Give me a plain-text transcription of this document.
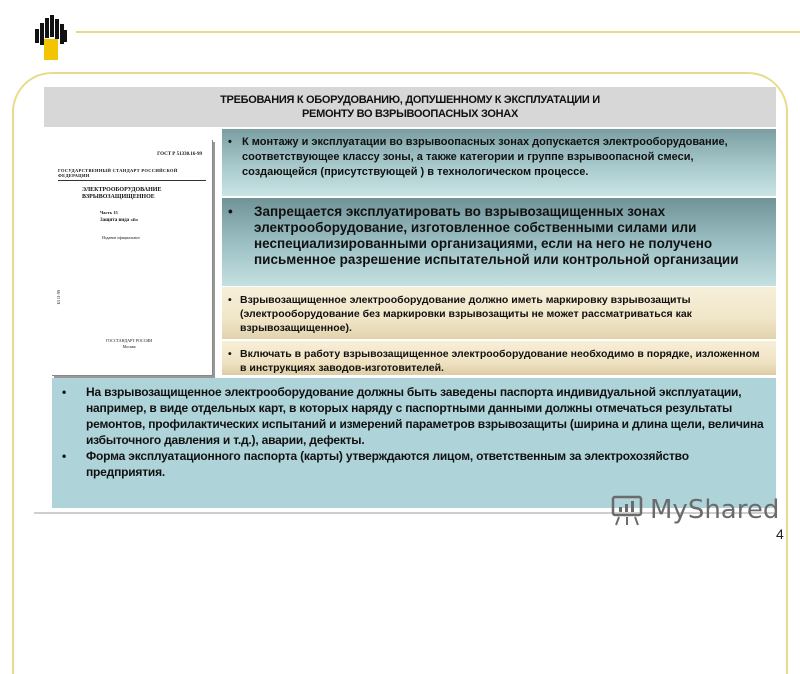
ТРЕБОВАНИЯ К ОБОРУДОВАНИЮ, ДОПУШЕННОМУ К ЭКСПЛУАТАЦИИ И
РЕМОНТУ ВО ВЗРЫВООПАСНЫХ ЗОНАХ
ГОСТ Р 51330.16-99
ГОСУДАРСТВЕННЫЙ СТАНДАРТ РОССИЙСКОЙ ФЕДЕРАЦИИ
ЭЛЕКТРООБОРУДОВАНИЕ
ВЗРЫВОЗАЩИЩЕННОЕ
Часть 15
Защита вида «n»
Издание официальное
БЗ 11-99
ГОССТАНДАРТ РОССИИ
Москва
• К монтажу и эксплуатации во взрывоопасных зонах допускается электрооборудование, соответствующее классу зоны, а также категории и группе взрывоопасной смеси, создающейся (присутствующей ) в технологическом процессе.
•	Запрещается эксплуатировать во взрывозащищенных зонах электрооборудование, изготовленное собственными силами или неспециализированными организациями, если на него не получено письменное разрешение испытательной или контрольной организации
• Взрывозащищенное электрооборудование должно иметь маркировку взрывозащиты (электрооборудование без маркировки взрывозащиты не может рассматриваться как взрывозащищенное).
• Включать в работу взрывозащищенное электрооборудование необходимо в порядке, изложенном в инструкциях заводов-изготовителей.
•	На взрывозащищенное электрооборудование должны быть заведены паспорта индивидуальной эксплуатации, например, в виде отдельных карт, в которых наряду с паспортными данными должны отмечаться результаты ремонтов, профилактических испытаний и измерений параметров взрывозащиты (ширина и длина щели, величина избыточного давления и т.д.), аварии, дефекты.
•	Форма эксплуатационного паспорта (карты) утверждаются лицом, ответственным за электрохозяйство предприятия.
MyShared
4
